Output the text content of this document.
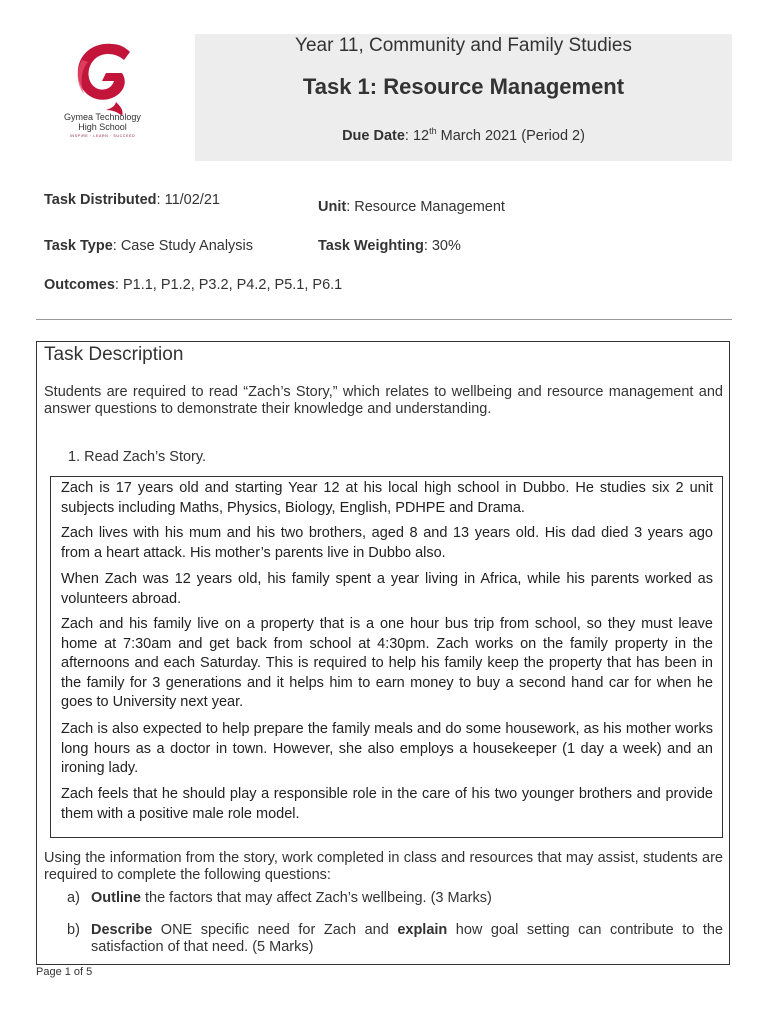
Gymea Technology
High School
INSPIRE · LEARN · SUCCEED
Year 11, Community and Family Studies
Task 1: Resource Management
Due Date: 12th March 2021 (Period 2)
Task Distributed: 11/02/21	Unit: Resource Management
Task Type: Case Study Analysis	Task Weighting: 30%
Outcomes: P1.1, P1.2, P3.2, P4.2, P5.1, P6.1
Task Description
Students are required to read “Zach’s Story,” which relates to wellbeing and resource management and answer questions to demonstrate their knowledge and understanding.
1. Read Zach’s Story.
Zach is 17 years old and starting Year 12 at his local high school in Dubbo. He studies six 2 unit subjects including Maths, Physics, Biology, English, PDHPE and Drama.
Zach lives with his mum and his two brothers, aged 8 and 13 years old. His dad died 3 years ago from a heart attack. His mother’s parents live in Dubbo also.
When Zach was 12 years old, his family spent a year living in Africa, while his parents worked as volunteers abroad.
Zach and his family live on a property that is a one hour bus trip from school, so they must leave home at 7:30am and get back from school at 4:30pm. Zach works on the family property in the afternoons and each Saturday. This is required to help his family keep the property that has been in the family for 3 generations and it helps him to earn money to buy a second hand car for when he goes to University next year.
Zach is also expected to help prepare the family meals and do some housework, as his mother works long hours as a doctor in town. However, she also employs a housekeeper (1 day a week) and an ironing lady.
Zach feels that he should play a responsible role in the care of his two younger brothers and provide them with a positive male role model.
Using the information from the story, work completed in class and resources that may assist, students are required to complete the following questions:
a) Outline the factors that may affect Zach’s wellbeing. (3 Marks)
b) Describe ONE specific need for Zach and explain how goal setting can contribute to the satisfaction of that need. (5 Marks)
Page 1 of 5
